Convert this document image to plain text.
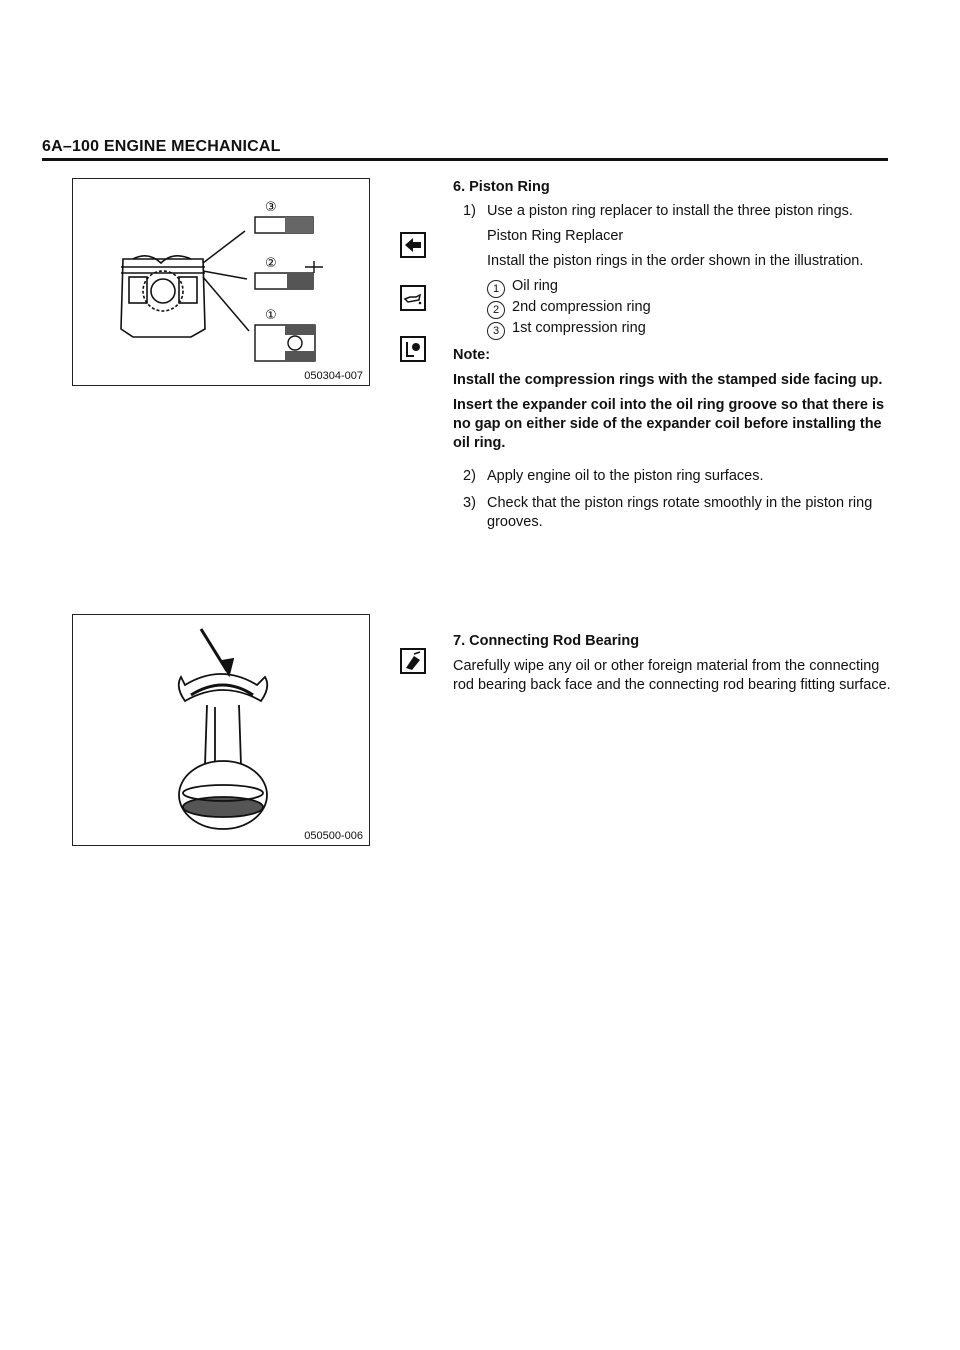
6A–100 ENGINE MECHANICAL
③
②
①
050304-007
050500-006

6. Piston Ring

1) Use a piston ring replacer to install the three piston rings.

Piston Ring Replacer

Install the piston rings in the order shown in the illustration.

1 Oil ring

2 2nd compression ring

3 1st compression ring

Note:

Install the compression rings with the stamped side facing up.

Insert the expander coil into the oil ring groove so that there is no gap on either side of the expander coil before installing the oil ring.

2) Apply engine oil to the piston ring surfaces.

3) Check that the piston rings rotate smoothly in the piston ring grooves.

7. Connecting Rod Bearing

Carefully wipe any oil or other foreign material from the connecting rod bearing back face and the connecting rod bearing fitting surface.
